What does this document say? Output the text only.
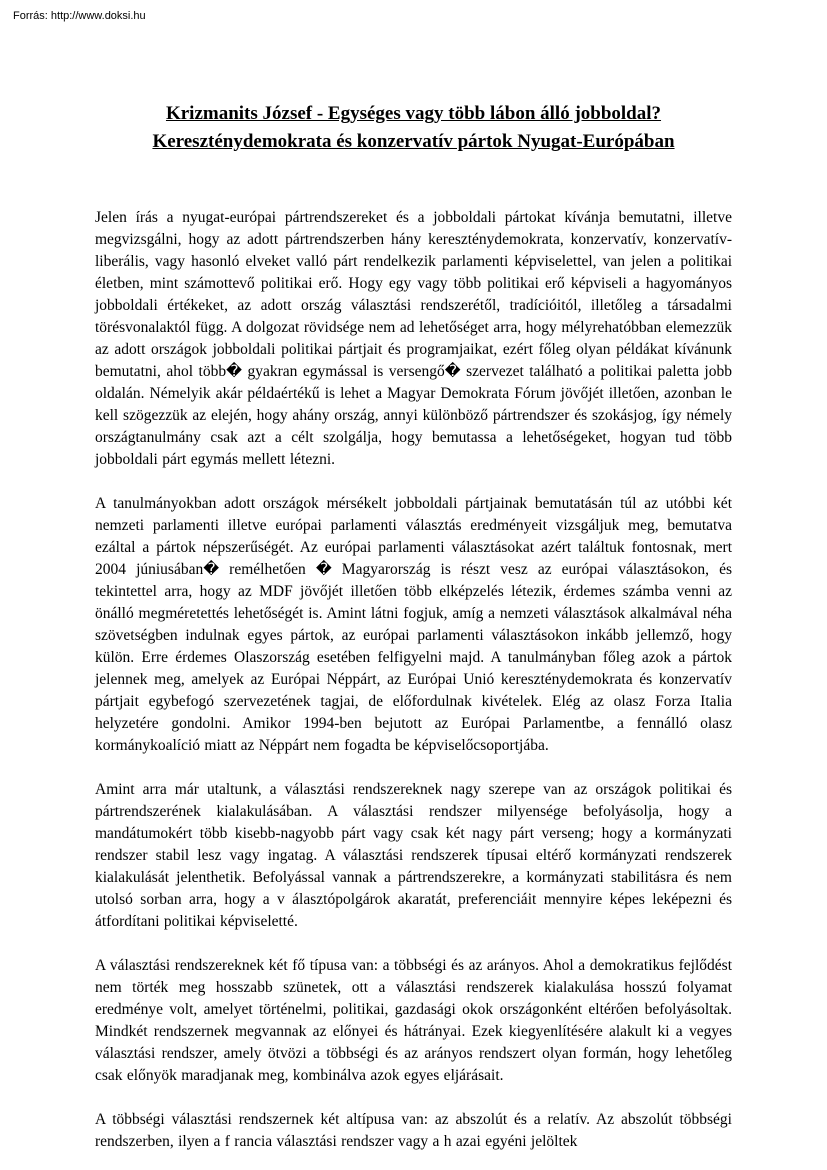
Forrás: http://www.doksi.hu
Krizmanits József - Egységes vagy több lábon álló jobboldal?
Kereszténydemokrata és konzervatív pártok Nyugat-Európában

Jelen írás a nyugat-európai pártrendszereket és a jobboldali pártokat kívánja bemutatni, illetve megvizsgálni, hogy az adott pártrendszerben hány kereszténydemokrata, konzervatív, konzervatív-liberális, vagy hasonló elveket valló párt rendelkezik parlamenti képviselettel, van jelen a politikai életben, mint számottevő politikai erő. Hogy egy vagy több politikai erő képviseli a hagyományos jobboldali értékeket, az adott ország választási rendszerétől, tradícióitól, illetőleg a társadalmi törésvonalaktól függ. A dolgozat rövidsége nem ad lehetőséget arra, hogy mélyrehatóbban elemezzük az adott országok jobboldali politikai pártjait és programjaikat, ezért főleg olyan példákat kívánunk bemutatni, ahol több� gyakran egymással is versengő� szervezet található a politikai paletta jobb oldalán. Némelyik akár példaértékű is lehet a Magyar Demokrata Fórum jövőjét illetően, azonban le kell szögezzük az elején, hogy ahány ország, annyi különböző pártrendszer és szokásjog, így némely országtanulmány csak azt a célt szolgálja, hogy bemutassa a lehetőségeket, hogyan tud több jobboldali párt egymás mellett létezni.

A tanulmányokban adott országok mérsékelt jobboldali pártjainak bemutatásán túl az utóbbi két nemzeti parlamenti illetve európai parlamenti választás eredményeit vizsgáljuk meg, bemutatva ezáltal a pártok népszerűségét. Az európai parlamenti választásokat azért találtuk fontosnak, mert 2004 júniusában� remélhetően � Magyarország is részt vesz az európai választásokon, és tekintettel arra, hogy az MDF jövőjét illetően több elképzelés létezik, érdemes számba venni az önálló megméretettés lehetőségét is. Amint látni fogjuk, amíg a nemzeti választások alkalmával néha szövetségben indulnak egyes pártok, az európai parlamenti választásokon inkább jellemző, hogy külön. Erre érdemes Olaszország esetében felfigyelni majd. A tanulmányban főleg azok a pártok jelennek meg, amelyek az Európai Néppárt, az Európai Unió kereszténydemokrata és konzervatív pártjait egybefogó szervezetének tagjai, de előfordulnak kivételek. Elég az olasz Forza Italia helyzetére gondolni. Amikor 1994-ben bejutott az Európai Parlamentbe, a fennálló olasz kormánykoalíció miatt az Néppárt nem fogadta be képviselőcsoportjába.

Amint arra már utaltunk, a választási rendszereknek nagy szerepe van az országok politikai és pártrendszerének kialakulásában. A választási rendszer milyensége befolyásolja, hogy a mandátumokért több kisebb-nagyobb párt vagy csak két nagy párt verseng; hogy a kormányzati rendszer stabil lesz vagy ingatag. A választási rendszerek típusai eltérő kormányzati rendszerek kialakulását jelenthetik. Befolyással vannak a pártrendszerekre, a kormányzati stabilitásra és nem utolsó sorban arra, hogy a v álasztópolgárok akaratát, preferenciáit mennyire képes leképezni és átfordítani politikai képviseletté.

A választási rendszereknek két fő típusa van: a többségi és az arányos. Ahol a demokratikus fejlődést nem törték meg hosszabb szünetek, ott a választási rendszerek kialakulása hosszú folyamat eredménye volt, amelyet történelmi, politikai, gazdasági okok országonként eltérően befolyásoltak. Mindkét rendszernek megvannak az előnyei és hátrányai. Ezek kiegyenlítésére alakult ki a vegyes választási rendszer, amely ötvözi a többségi és az arányos rendszert olyan formán, hogy lehetőleg csak előnyök maradjanak meg, kombinálva azok egyes eljárásait.

A többségi választási rendszernek két altípusa van: az abszolút és a relatív. Az abszolút többségi rendszerben, ilyen a f rancia választási rendszer vagy a h azai egyéni jelöltek
